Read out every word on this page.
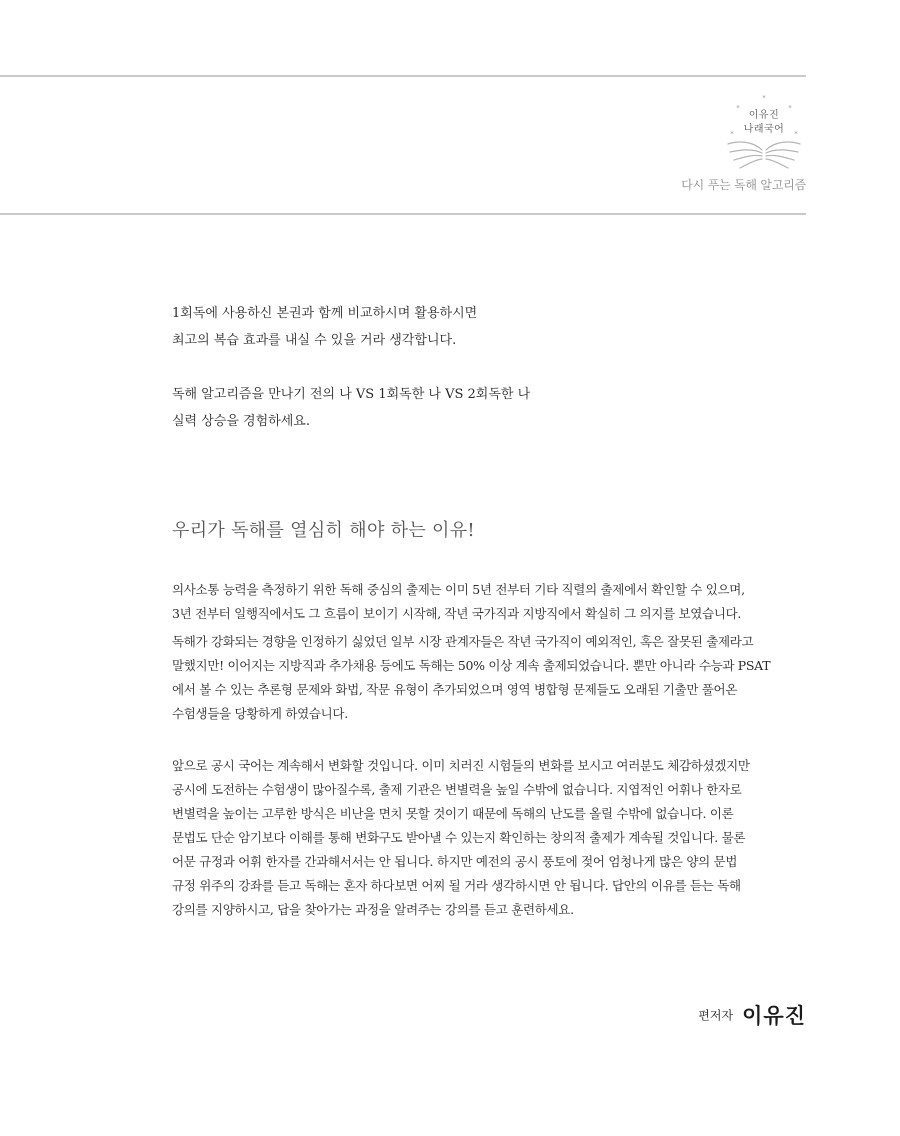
*
*	*
*	*
이유진
나래국어
다시 푸는 독해 알고리즘

1회독에 사용하신 본권과 함께 비교하시며 활용하시면

최고의 복습 효과를 내실 수 있을 거라 생각합니다.

독해 알고리즘을 만나기 전의 나 VS 1회독한 나 VS 2회독한 나

실력 상승을 경험하세요.

우리가 독해를 열심히 해야 하는 이유!

의사소통 능력을 측정하기 위한 독해 중심의 출제는 이미 5년 전부터 기타 직렬의 출제에서 확인할 수 있으며,

3년 전부터 일행직에서도 그 흐름이 보이기 시작해, 작년 국가직과 지방직에서 확실히 그 의지를 보였습니다.

독해가 강화되는 경향을 인정하기 싫었던 일부 시장 관계자들은 작년 국가직이 예외적인, 혹은 잘못된 출제라고

말했지만! 이어지는 지방직과 추가채용 등에도 독해는 50% 이상 계속 출제되었습니다. 뿐만 아니라 수능과 PSAT

에서 볼 수 있는 추론형 문제와 화법, 작문 유형이 추가되었으며 영역 병합형 문제들도 오래된 기출만 풀어온

수험생들을 당황하게 하였습니다.

앞으로 공시 국어는 계속해서 변화할 것입니다. 이미 치러진 시험들의 변화를 보시고 여러분도 체감하셨겠지만

공시에 도전하는 수험생이 많아질수록, 출제 기관은 변별력을 높일 수밖에 없습니다. 지엽적인 어휘나 한자로

변별력을 높이는 고루한 방식은 비난을 면치 못할 것이기 때문에 독해의 난도를 올릴 수밖에 없습니다. 이론

문법도 단순 암기보다 이해를 통해 변화구도 받아낼 수 있는지 확인하는 창의적 출제가 계속될 것입니다. 물론

어문 규정과 어휘 한자를 간과해서서는 안 됩니다. 하지만 예전의 공시 풍토에 젖어 엄청나게 많은 양의 문법

규정 위주의 강좌를 듣고 독해는 혼자 하다보면 어찌 될 거라 생각하시면 안 됩니다. 답안의 이유를 듣는 독해

강의를 지양하시고, 답을 찾아가는 과정을 알려주는 강의를 듣고 훈련하세요.

편저자 이유진
